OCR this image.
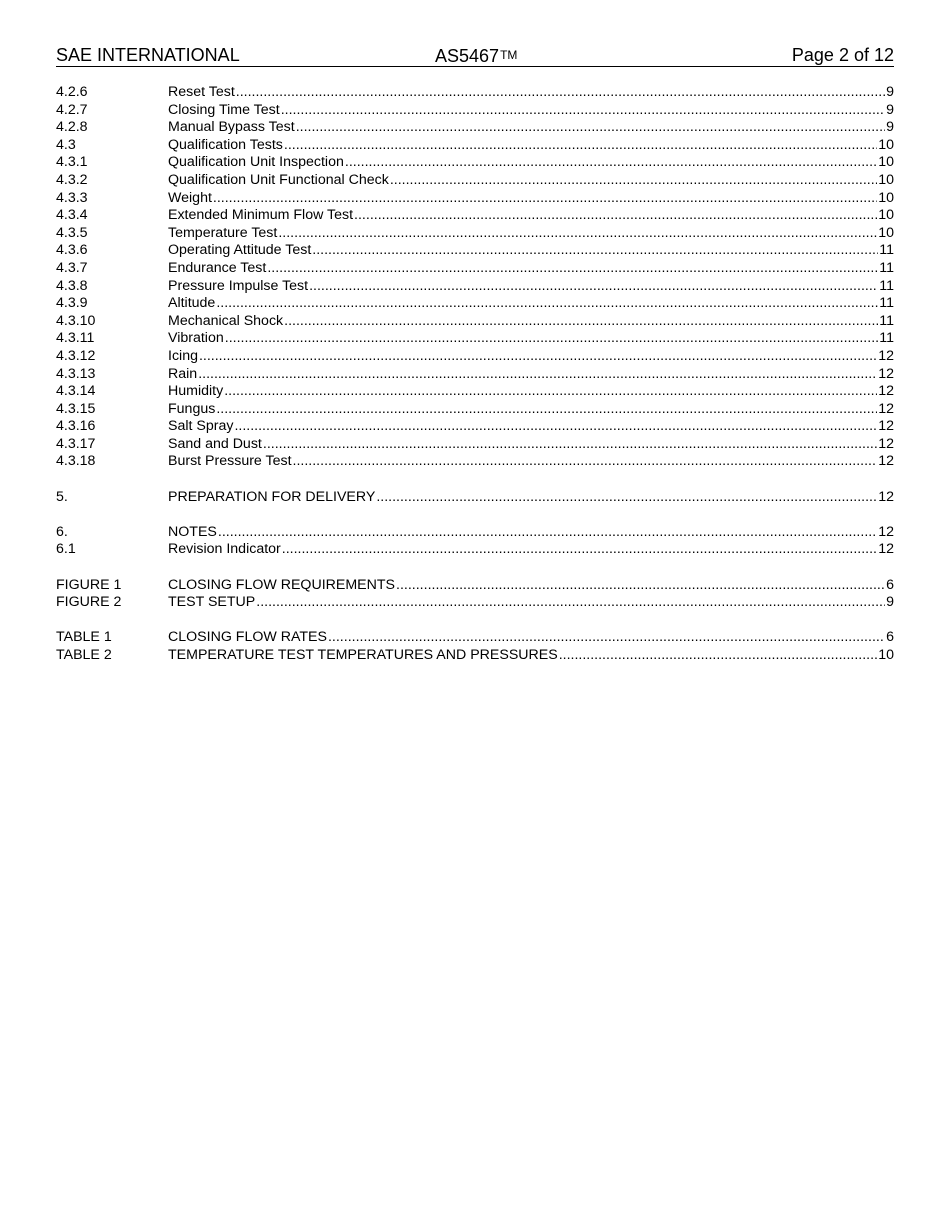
SAE INTERNATIONAL	AS5467TM	Page 2 of 12
4.2.6	Reset Test .....	9
4.2.7	Closing Time Test .....	9
4.2.8	Manual Bypass Test .....	9
4.3	Qualification Tests .....	10
4.3.1	Qualification Unit Inspection .....	10
4.3.2	Qualification Unit Functional Check .....	10
4.3.3	Weight .....	10
4.3.4	Extended Minimum Flow Test .....	10
4.3.5	Temperature Test .....	10
4.3.6	Operating Attitude Test .....	11
4.3.7	Endurance Test .....	11
4.3.8	Pressure Impulse Test .....	11
4.3.9	Altitude .....	11
4.3.10	Mechanical Shock .....	11
4.3.11	Vibration .....	11
4.3.12	Icing .....	12
4.3.13	Rain .....	12
4.3.14	Humidity .....	12
4.3.15	Fungus .....	12
4.3.16	Salt Spray .....	12
4.3.17	Sand and Dust .....	12
4.3.18	Burst Pressure Test .....	12
5.	PREPARATION FOR DELIVERY .....	12
6.	NOTES .....	12
6.1	Revision Indicator .....	12
FIGURE 1	CLOSING FLOW REQUIREMENTS .....	6
FIGURE 2	TEST SETUP .....	9
TABLE 1	CLOSING FLOW RATES .....	6
TABLE 2	TEMPERATURE TEST TEMPERATURES AND PRESSURES .....	10
